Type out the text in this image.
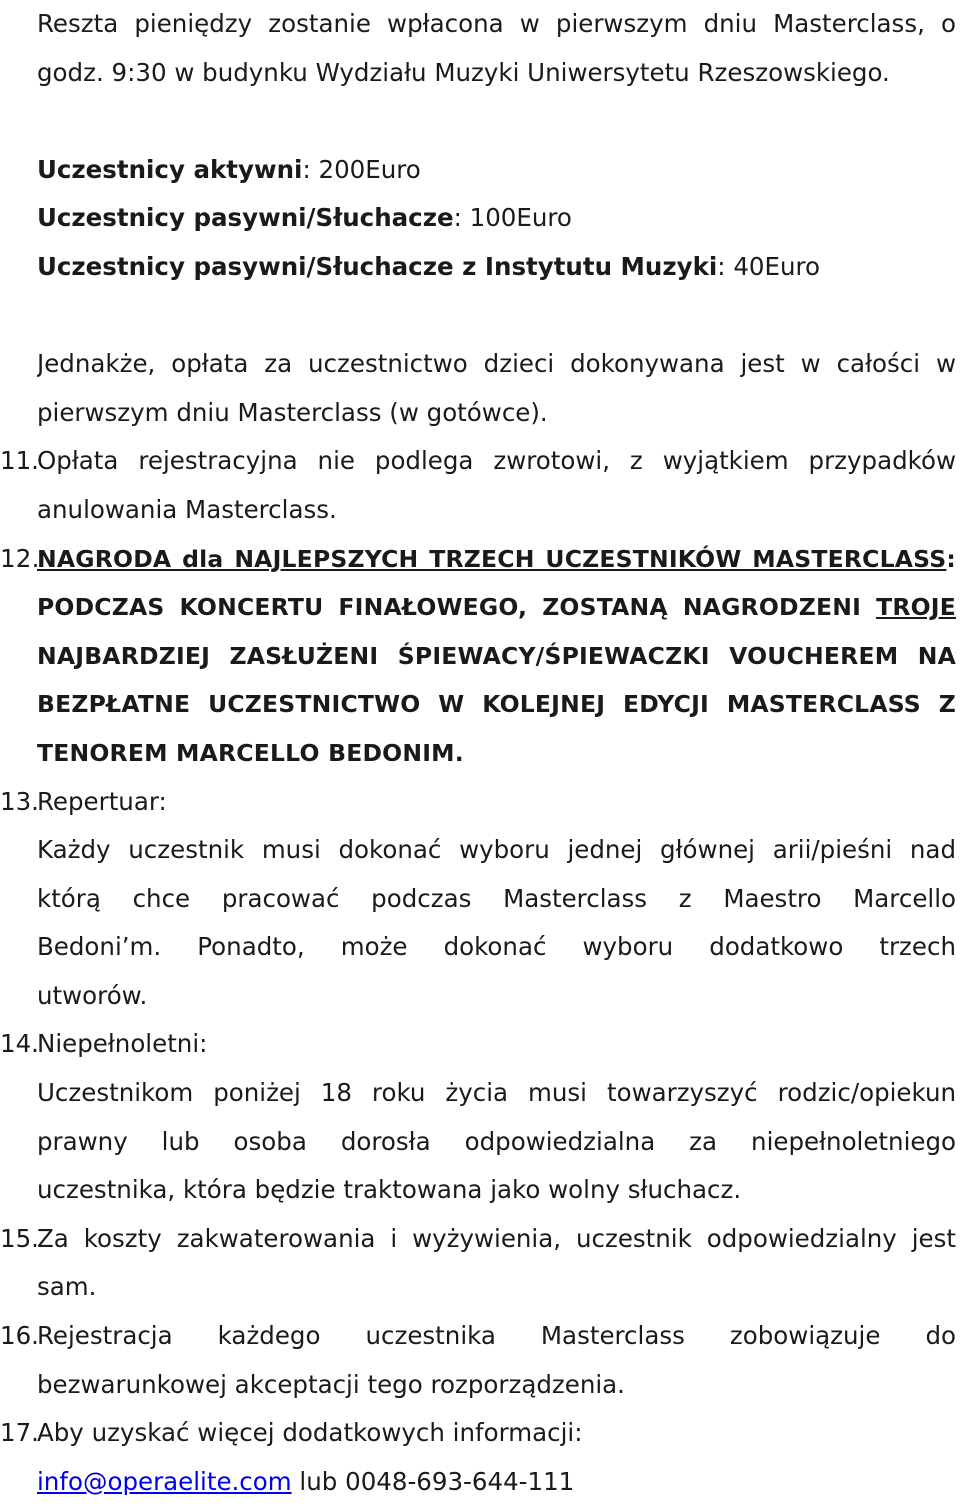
Reszta pieniędzy zostanie wpłacona w pierwszym dniu Masterclass, o
godz. 9:30 w budynku Wydziału Muzyki Uniwersytetu Rzeszowskiego.
Uczestnicy aktywni: 200Euro
Uczestnicy pasywni/Słuchacze: 100Euro
Uczestnicy pasywni/Słuchacze z Instytutu Muzyki: 40Euro
Jednakże, opłata za uczestnictwo dzieci dokonywana jest w całości w
pierwszym dniu Masterclass (w gotówce).
11.
Opłata rejestracyjna nie podlega zwrotowi, z wyjątkiem przypadków
anulowania Masterclass.
12.
NAGRODA dla NAJLEPSZYCH TRZECH UCZESTNIKÓW MASTERCLASS:
PODCZAS KONCERTU FINAŁOWEGO, ZOSTANĄ NAGRODZENI TROJE
NAJBARDZIEJ ZASŁUŻENI ŚPIEWACY/ŚPIEWACZKI VOUCHEREM NA
BEZPŁATNE UCZESTNICTWO W KOLEJNEJ EDYCJI MASTERCLASS Z
TENOREM MARCELLO BEDONIM.
13.
Repertuar:
Każdy uczestnik musi dokonać wyboru jednej głównej arii/pieśni nad
którą chce pracować podczas Masterclass z Maestro Marcello
Bedoni’m. Ponadto, może dokonać wyboru dodatkowo trzech
utworów.
14.
Niepełnoletni:
Uczestnikom poniżej 18 roku życia musi towarzyszyć rodzic/opiekun
prawny lub osoba dorosła odpowiedzialna za niepełnoletniego
uczestnika, która będzie traktowana jako wolny słuchacz.
15.
Za koszty zakwaterowania i wyżywienia, uczestnik odpowiedzialny jest
sam.
16.
Rejestracja każdego uczestnika Masterclass zobowiązuje do
bezwarunkowej akceptacji tego rozporządzenia.
17.
Aby uzyskać więcej dodatkowych informacji:
info@operaelite.com lub 0048-693-644-111
